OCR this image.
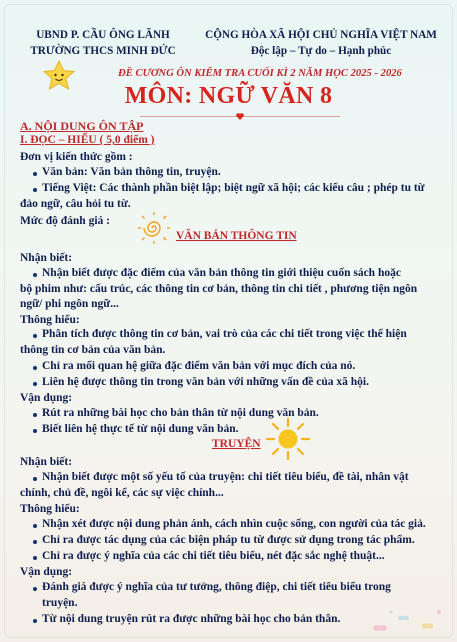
UBND P. CẦU ÔNG LÃNH
TRƯỜNG THCS MINH ĐỨC
CỘNG HÒA XÃ HỘI CHỦ NGHĨA VIỆT NAM
Độc lập – Tự do – Hạnh phúc
ĐỀ CƯƠNG ÔN KIỂM TRA CUỐI KÌ 2 NĂM HỌC 2025 - 2026
MÔN: NGỮ VĂN 8
A. NỘI DUNG ÔN TẬP
I. ĐỌC – HIỂU ( 5,0 điểm )
Đơn vị kiến thức gồm :
Văn bản: Văn bản thông tin, truyện.
Tiếng Việt: Các thành phần biệt lập; biệt ngữ xã hội; các kiểu câu ; phép tu từ
đảo ngữ, câu hỏi tu từ.
Mức độ đánh giá :
VĂN BẢN THÔNG TIN
Nhận biết:
Nhận biết được đặc điểm của văn bản thông tin giới thiệu cuốn sách hoặc
bộ phim như: cấu trúc, các thông tin cơ bản, thông tin chi tiết , phương tiện ngôn
ngữ/ phi ngôn ngữ...
Thông hiểu:
Phân tích được thông tin cơ bản, vai trò của các chi tiết trong việc thể hiện
thông tin cơ bản của văn bản.
Chỉ ra mối quan hệ giữa đặc điểm văn bản với mục đích của nó.
Liên hệ được thông tin trong văn bản với những vấn đề của xã hội.
Vận dụng:
Rút ra những bài học cho bản thân từ nội dung văn bản.
Biết liên hệ thực tế từ nội dung văn bản.
TRUYỆN
Nhận biết:
Nhận biết được một số yếu tố của truyện: chi tiết tiêu biểu, đề tài, nhân vật
chính, chủ đề, ngôi kể, các sự việc chính...
Thông hiểu:
Nhận xét được nội dung phản ánh, cách nhìn cuộc sống, con người của tác giả.
Chỉ ra được tác dụng của các biện pháp tu từ được sử dụng trong tác phẩm.
Chỉ ra được ý nghĩa của các chi tiết tiêu biểu, nét đặc sắc nghệ thuật...
Vận dụng:
Đánh giá được ý nghĩa của tư tưởng, thông điệp, chi tiết tiêu biểu trong
truyện.
Từ nội dung truyện rút ra được những bài học cho bản thân.
